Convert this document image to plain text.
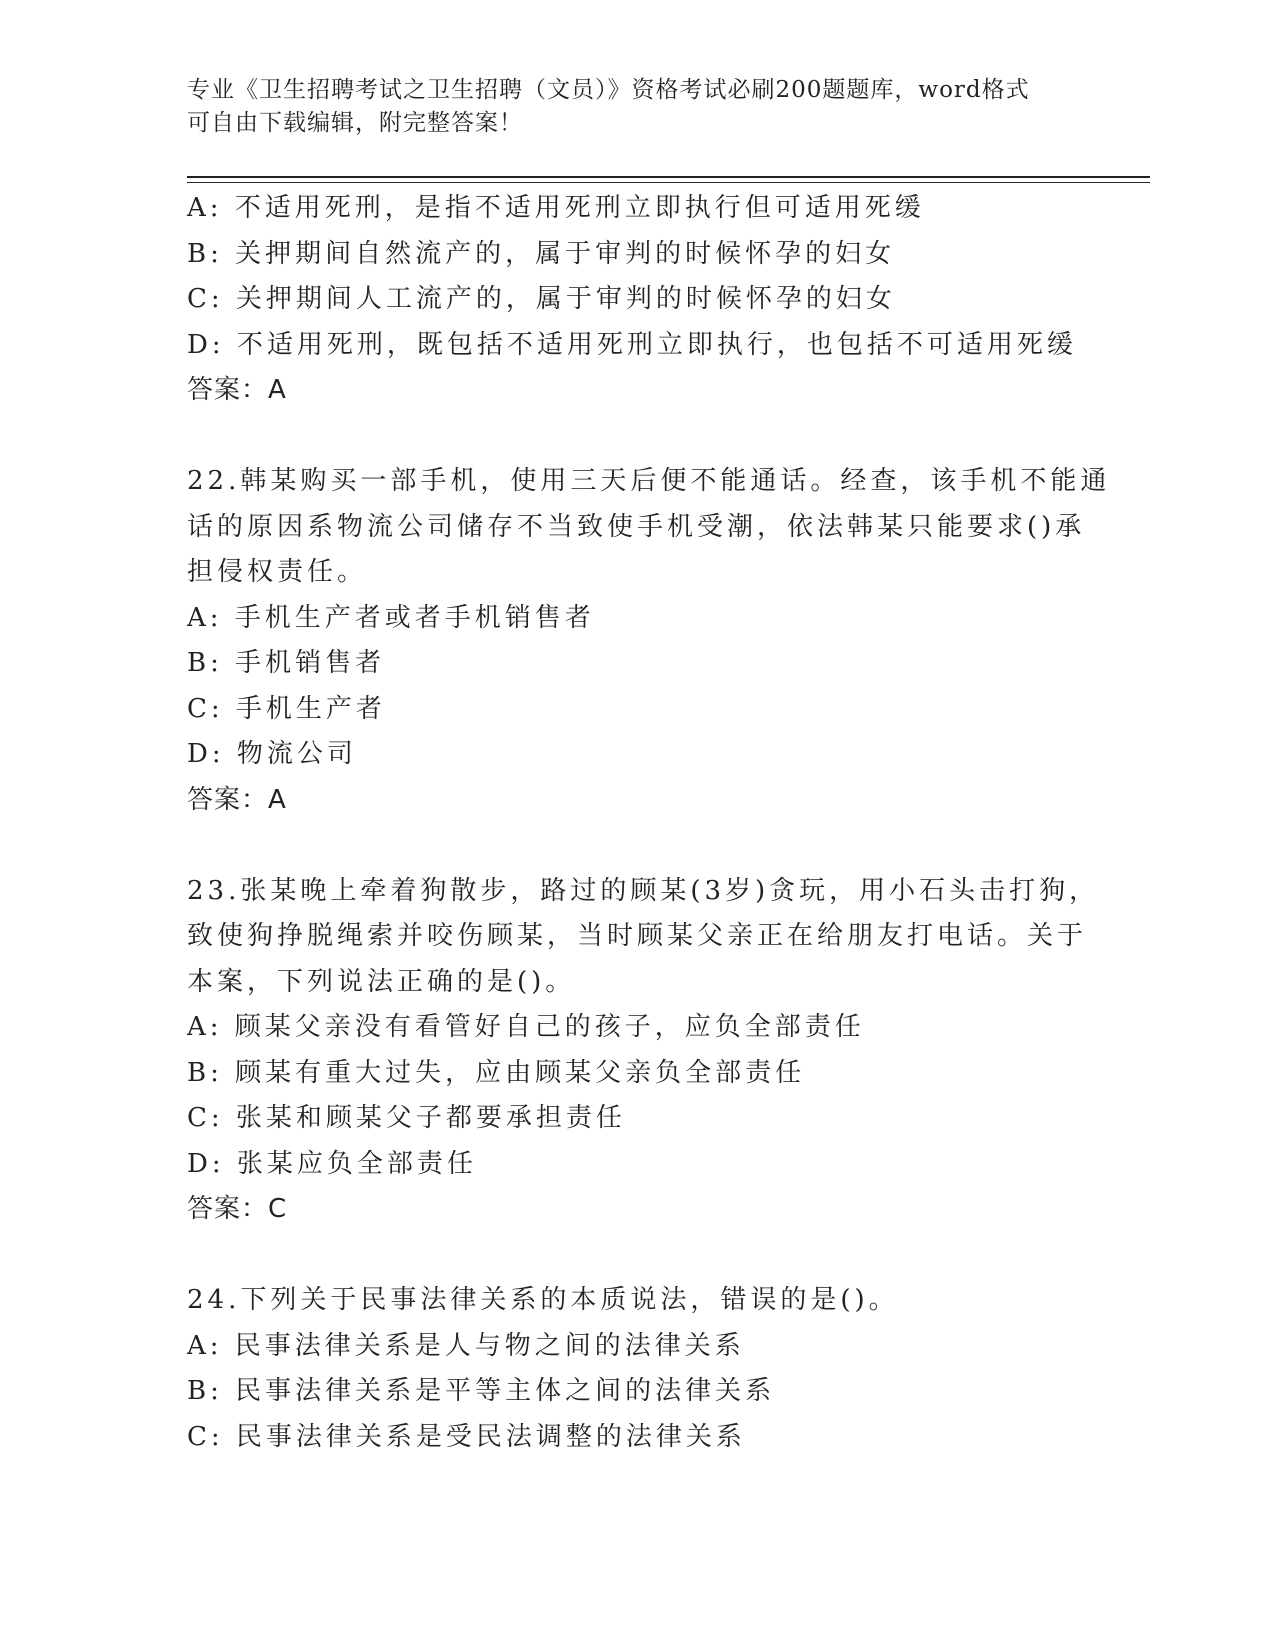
专业《卫生招聘考试之卫生招聘（文员）》资格考试必刷200题题库，word格式
可自由下载编辑，附完整答案！
A: 不适用死刑，是指不适用死刑立即执行但可适用死缓
B: 关押期间自然流产的，属于审判的时候怀孕的妇女
C: 关押期间人工流产的，属于审判的时候怀孕的妇女
D: 不适用死刑，既包括不适用死刑立即执行，也包括不可适用死缓
答案：A
22.韩某购买一部手机，使用三天后便不能通话。经查，该手机不能通
话的原因系物流公司储存不当致使手机受潮，依法韩某只能要求()承
担侵权责任。
A: 手机生产者或者手机销售者
B: 手机销售者
C: 手机生产者
D: 物流公司
答案：A
23.张某晚上牵着狗散步，路过的顾某(3岁)贪玩，用小石头击打狗，
致使狗挣脱绳索并咬伤顾某，当时顾某父亲正在给朋友打电话。关于
本案，下列说法正确的是()。
A: 顾某父亲没有看管好自己的孩子，应负全部责任
B: 顾某有重大过失，应由顾某父亲负全部责任
C: 张某和顾某父子都要承担责任
D: 张某应负全部责任
答案：C
24.下列关于民事法律关系的本质说法，错误的是()。
A: 民事法律关系是人与物之间的法律关系
B: 民事法律关系是平等主体之间的法律关系
C: 民事法律关系是受民法调整的法律关系
